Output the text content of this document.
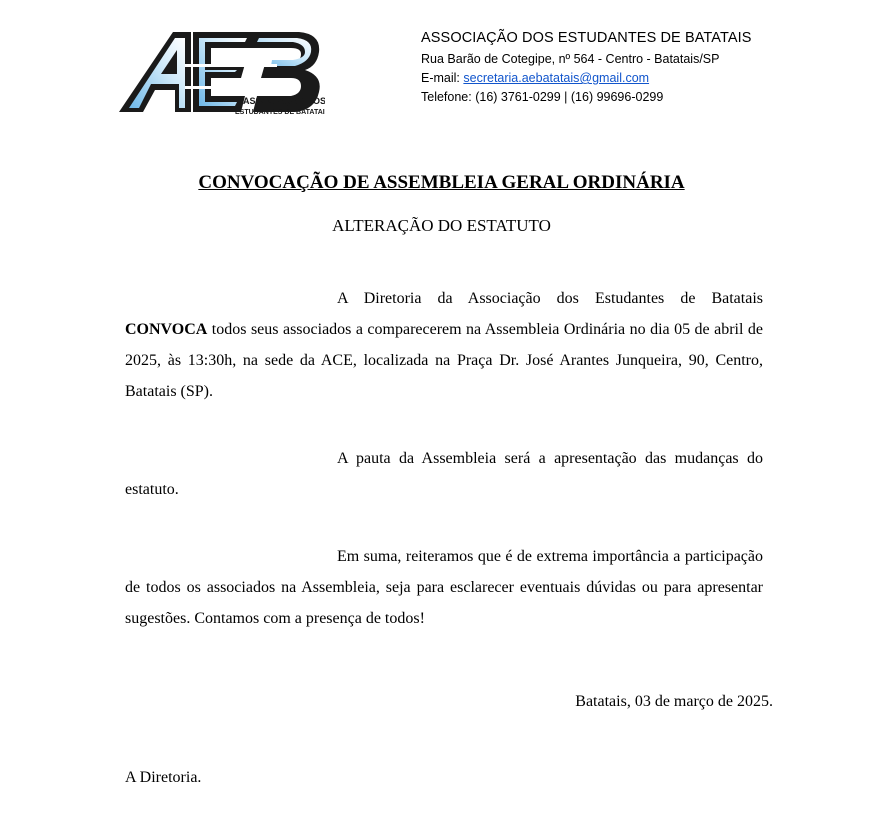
ASSOCIAÇÃO DOS
ESTUDANTES DE BATATAIS
ASSOCIAÇÃO DOS ESTUDANTES DE BATATAIS
Rua Barão de Cotegipe, nº 564 - Centro - Batatais/SP
E-mail: secretaria.aebatatais@gmail.com
Telefone: (16) 3761-0299 | (16) 99696-0299
CONVOCAÇÃO DE ASSEMBLEIA GERAL ORDINÁRIA
ALTERAÇÃO DO ESTATUTO
A Diretoria da Associação dos Estudantes de Batatais CONVOCA todos seus associados a comparecerem na Assembleia Ordinária no dia 05 de abril de 2025, às 13:30h, na sede da ACE, localizada na Praça Dr. José Arantes Junqueira, 90, Centro, Batatais (SP).
A pauta da Assembleia será a apresentação das mudanças do estatuto.
Em suma, reiteramos que é de extrema importância a participação de todos os associados na Assembleia, seja para esclarecer eventuais dúvidas ou para apresentar sugestões. Contamos com a presença de todos!
Batatais, 03 de março de 2025.
A Diretoria.
